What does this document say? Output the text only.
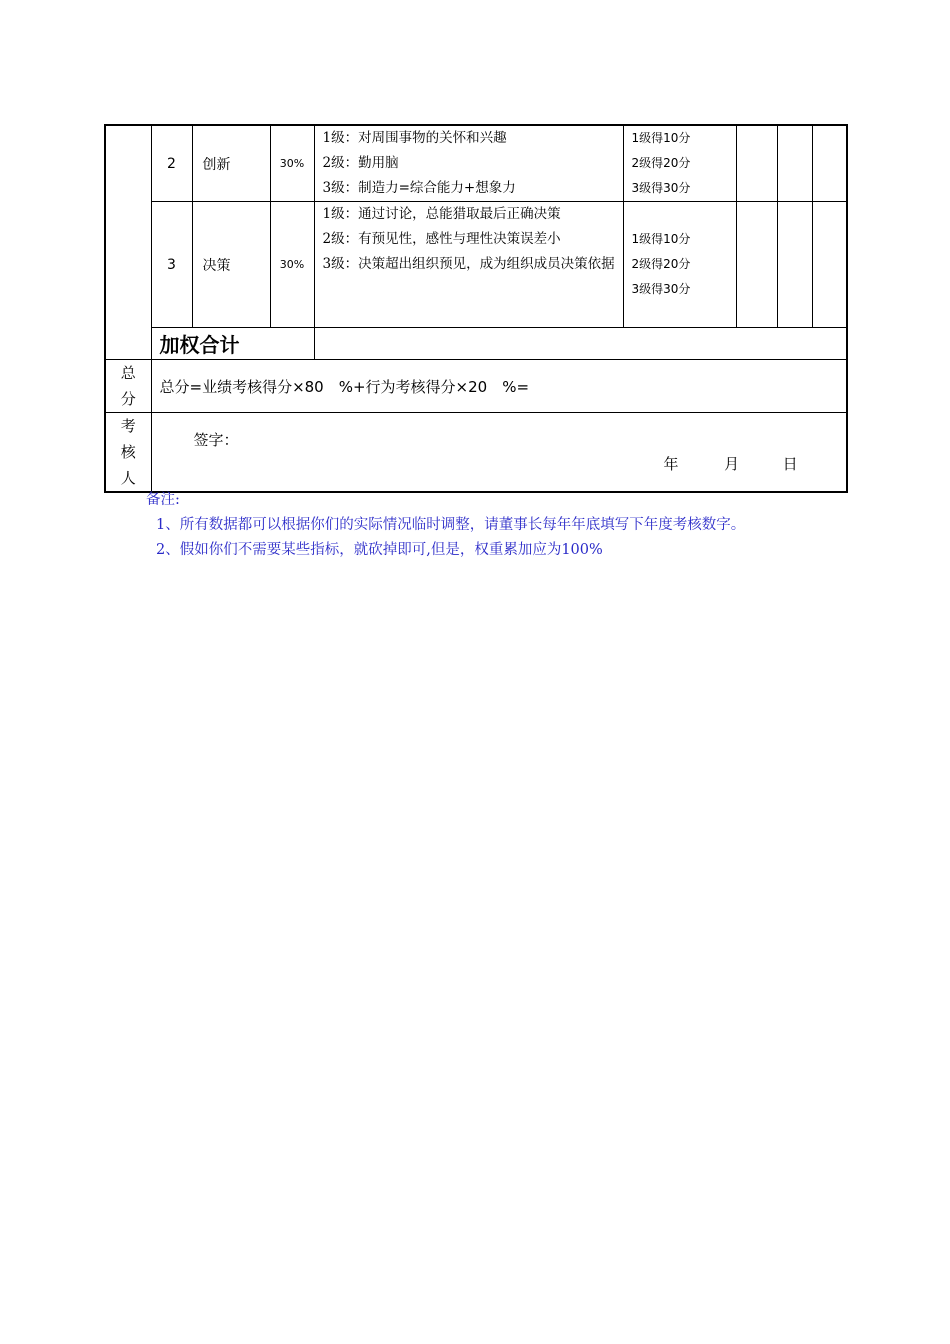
	2	创新	30%	1级：对周围事物的关怀和兴趣
2级：勤用脑
3级：制造力=综合能力+想象力	1级得10分
2级得20分
3级得30分			

	3	决策	30%	1级：通过讨论，总能猎取最后正确决策
2级：有预见性，感性与理性决策误差小
3级：决策超出组织预见，成为组织成员决策依据	1级得10分
2级得20分
3级得30分			

	加权合计							
总分	总分=业绩考核得分×80　%+行为考核得分×20　%=							
考核人	签字：
年 月 日							

备注:

1、所有数据都可以根据你们的实际情况临时调整，请董事长每年年底填写下年度考核数字。

2、假如你们不需要某些指标，就砍掉即可,但是，权重累加应为100%
